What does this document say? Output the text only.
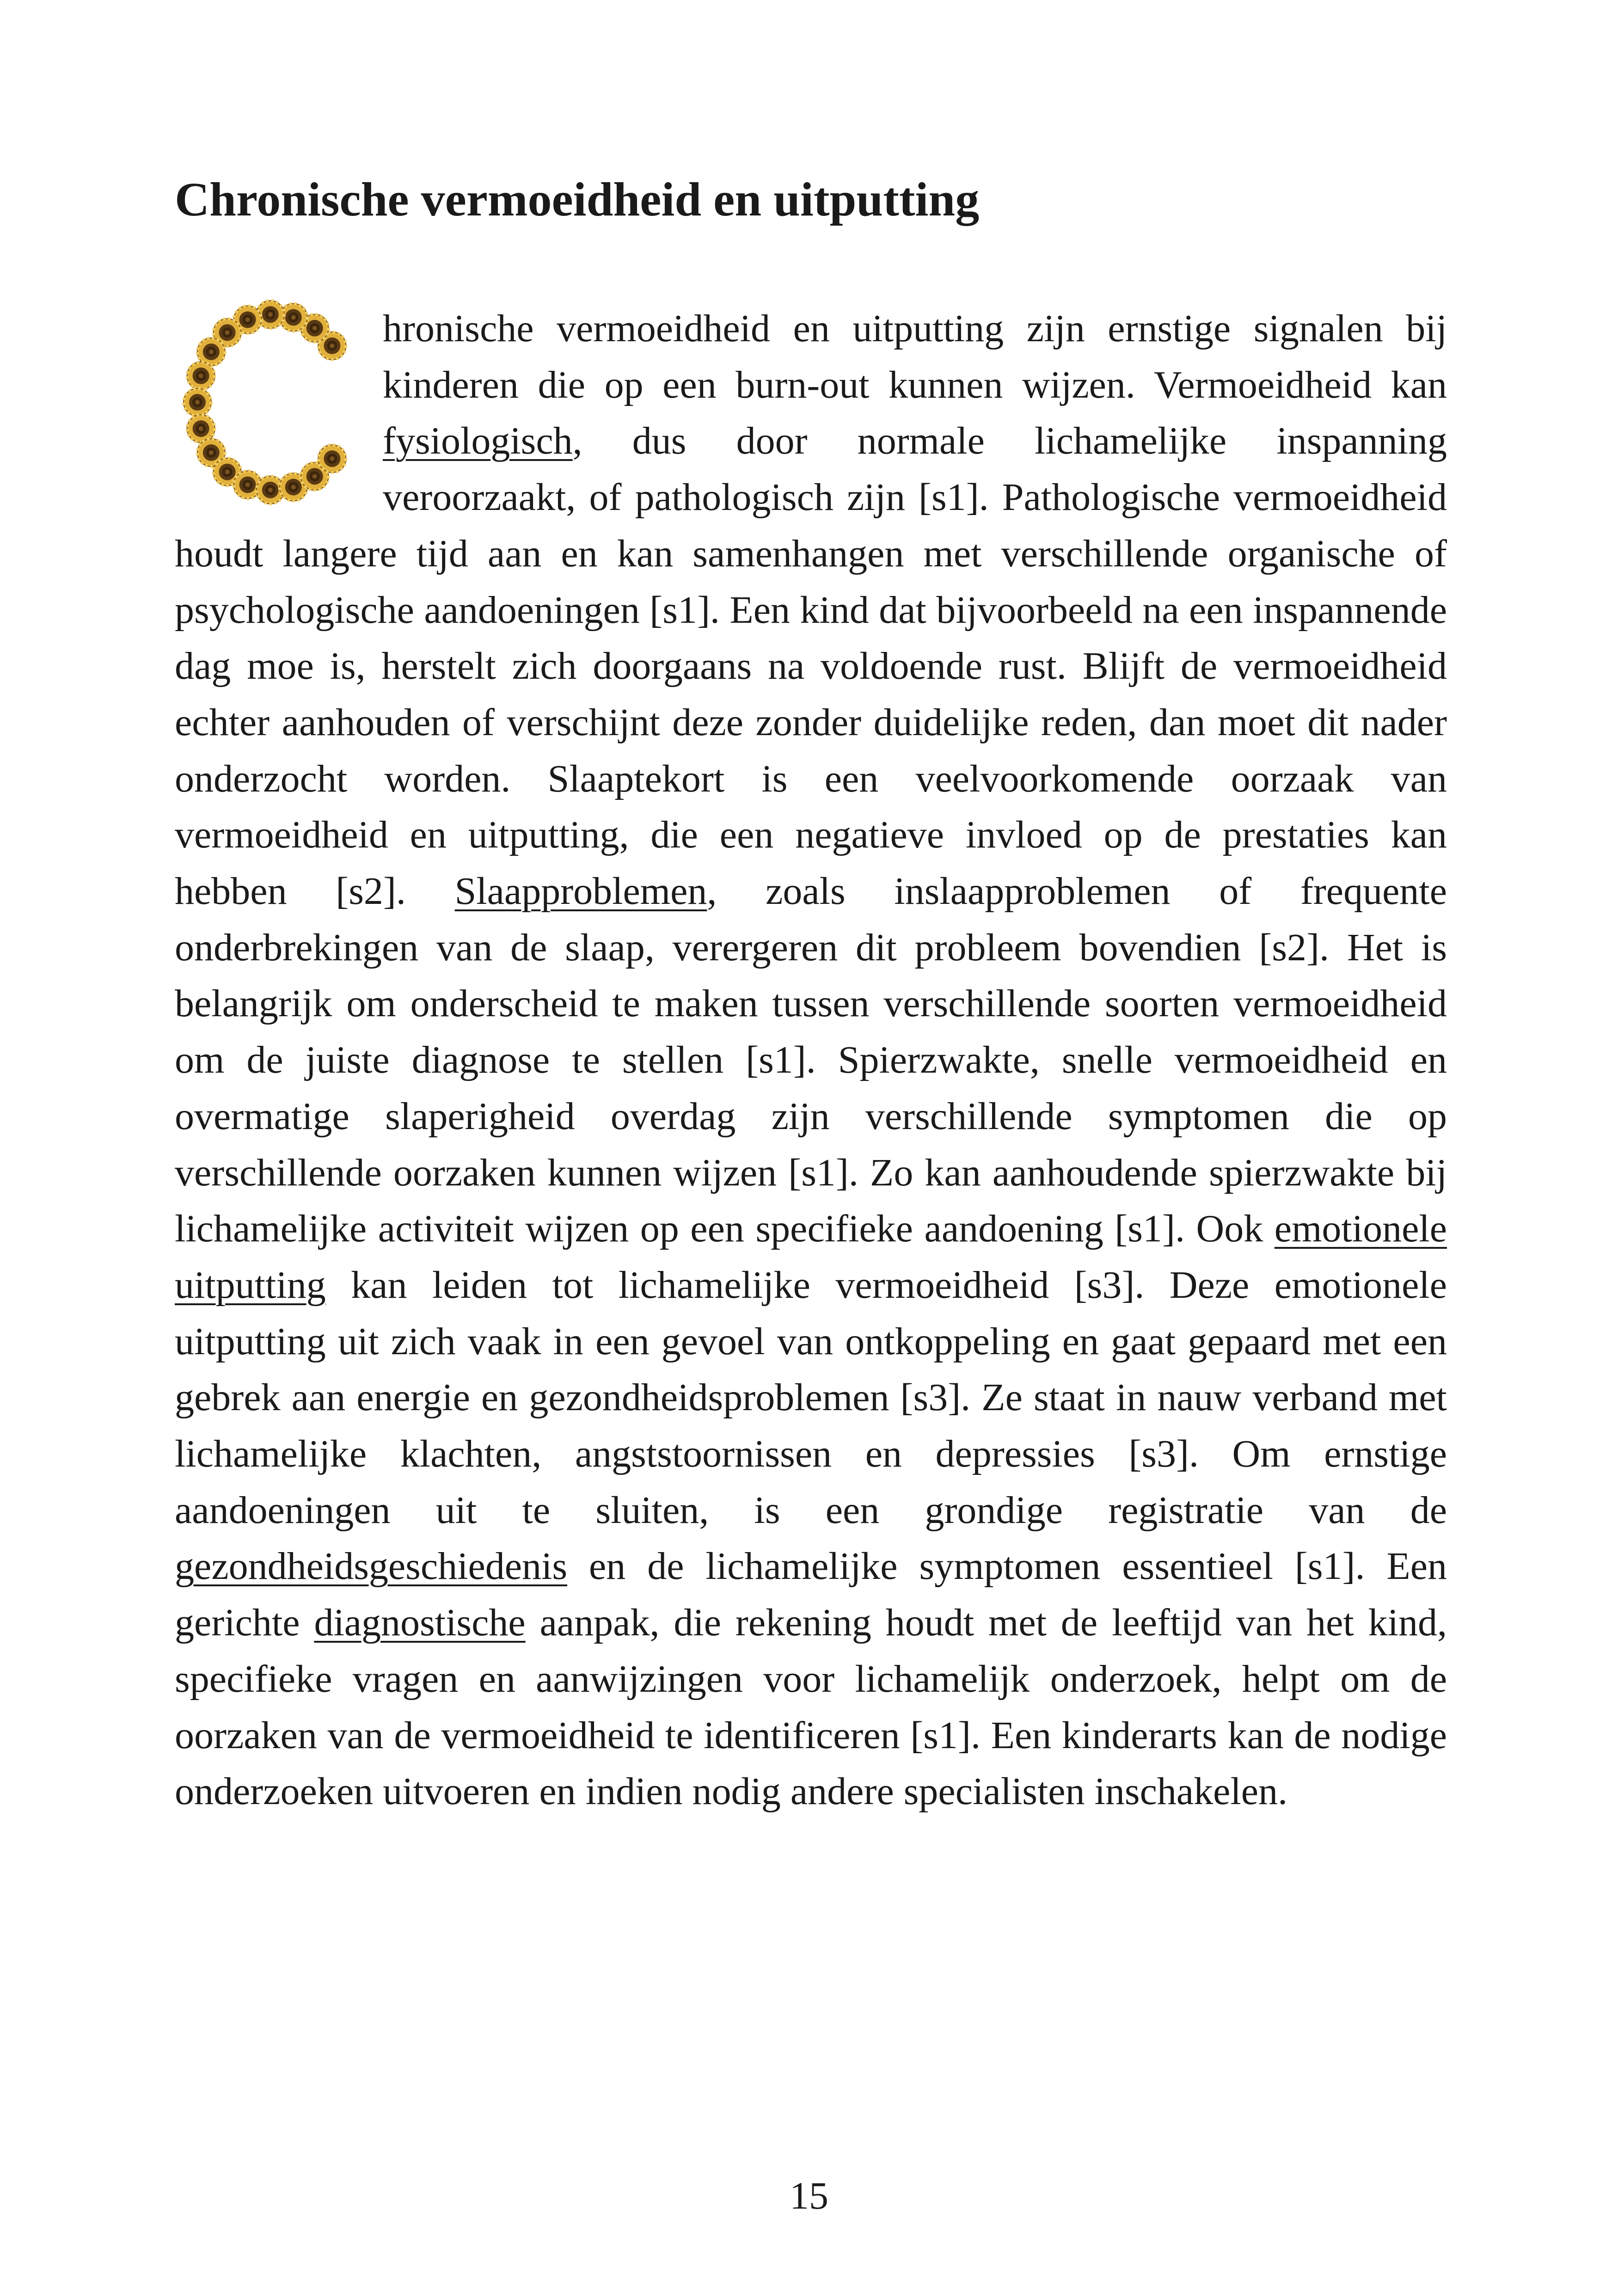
Chronische vermoeidheid en uitputting

hronische vermoeidheid en uitputting zijn ernstige signalen bij kinderen die op een burn-out kunnen wijzen. Vermoeidheid kan fysiologisch, dus door normale lichamelijke inspanning veroorzaakt, of pathologisch zijn [s1]. Pathologische vermoeidheid houdt langere tijd aan en kan samenhangen met verschillende organische of psychologische aandoeningen [s1]. Een kind dat bijvoorbeeld na een inspannende dag moe is, herstelt zich doorgaans na voldoende rust. Blijft de vermoeidheid echter aanhouden of verschijnt deze zonder duidelijke reden, dan moet dit nader onderzocht worden. Slaaptekort is een veelvoorkomende oorzaak van vermoeidheid en uitputting, die een negatieve invloed op de prestaties kan hebben [s2]. Slaapproblemen, zoals inslaapproblemen of frequente onderbrekingen van de slaap, verergeren dit probleem bovendien [s2]. Het is belangrijk om onderscheid te maken tussen verschillende soorten vermoeidheid om de juiste diagnose te stellen [s1]. Spierzwakte, snelle vermoeidheid en overmatige slaperigheid overdag zijn verschillende symptomen die op verschillende oorzaken kunnen wijzen [s1]. Zo kan aanhoudende spierzwakte bij lichamelijke activiteit wijzen op een specifieke aandoening [s1]. Ook emotionele uitputting kan leiden tot lichamelijke vermoeidheid [s3]. Deze emotionele uitputting uit zich vaak in een gevoel van ontkoppeling en gaat gepaard met een gebrek aan energie en gezondheidsproblemen [s3]. Ze staat in nauw verband met lichamelijke klachten, angststoornissen en depressies [s3]. Om ernstige aandoeningen uit te sluiten, is een grondige registratie van de gezondheidsgeschiedenis en de lichamelijke symptomen essentieel [s1]. Een gerichte diagnostische aanpak, die rekening houdt met de leeftijd van het kind, specifieke vragen en aanwijzingen voor lichamelijk onderzoek, helpt om de oorzaken van de vermoeidheid te identificeren [s1]. Een kinderarts kan de nodige onderzoeken uitvoeren en indien nodig andere specialisten inschakelen.

15
